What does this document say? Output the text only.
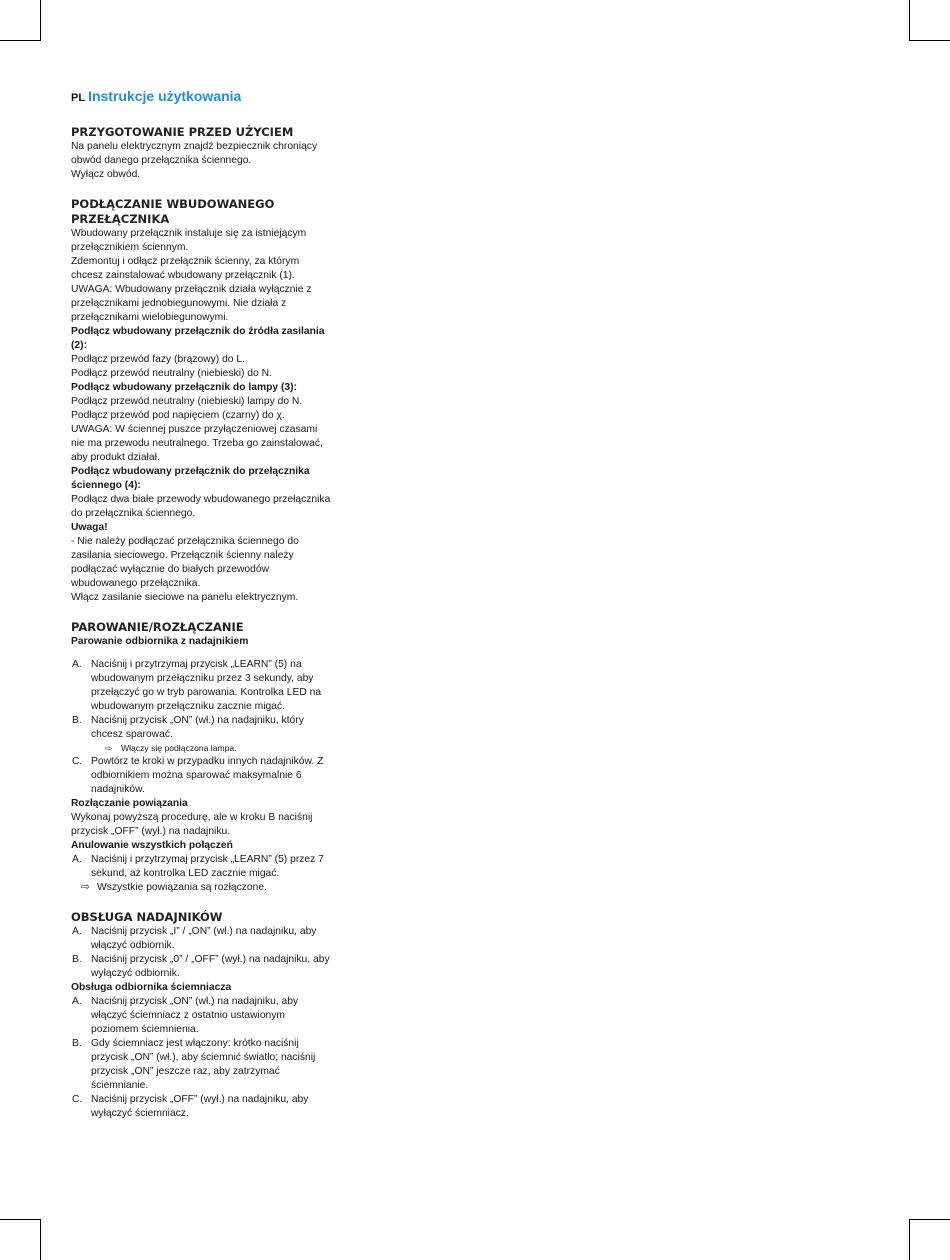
PL Instrukcje użytkowania
PRZYGOTOWANIE PRZED UŻYCIEM
Na panelu elektrycznym znajdź bezpiecznik chroniący
obwód danego przełącznika ściennego.
Wyłącz obwód.
PODŁĄCZANIE WBUDOWANEGO
PRZEŁĄCZNIKA
Wbudowany przełącznik instaluje się za istniejącym
przełącznikiem ściennym.
Zdemontuj i odłącz przełącznik ścienny, za którym
chcesz zainstalować wbudowany przełącznik (1).
UWAGA: Wbudowany przełącznik działa wyłącznie z
przełącznikami jednobiegunowymi. Nie działa z
przełącznikami wielobiegunowymi.
Podłącz wbudowany przełącznik do źródła zasilania
(2):
Podłącz przewód fazy (brązowy) do L.
Podłącz przewód neutralny (niebieski) do N.
Podłącz wbudowany przełącznik do lampy (3):
Podłącz przewód neutralny (niebieski) lampy do N.
Podłącz przewód pod napięciem (czarny) do χ.
UWAGA: W ściennej puszce przyłączeniowej czasami
nie ma przewodu neutralnego. Trzeba go zainstalować,
aby produkt działał.
Podłącz wbudowany przełącznik do przełącznika
ściennego (4):
Podłącz dwa białe przewody wbudowanego przełącznika
do przełącznika ściennego.
Uwaga!
- Nie należy podłączać przełącznika ściennego do
zasilania sieciowego. Przełącznik ścienny należy
podłączać wyłącznie do białych przewodów
wbudowanego przełącznika.
Włącz zasilanie sieciowe na panelu elektrycznym.
PAROWANIE/ROZŁĄCZANIE
Parowanie odbiornika z nadajnikiem
A. Naciśnij i przytrzymaj przycisk „LEARN” (5) na
wbudowanym przełączniku przez 3 sekundy, aby
przełączyć go w tryb parowania. Kontrolka LED na
wbudowanym przełączniku zacznie migać.
B. Naciśnij przycisk „ON” (wł.) na nadajniku, który
chcesz sparować.
⇨	Włączy się podłączona lampa.
C. Powtórz te kroki w przypadku innych nadajników. Z
odbiornikiem można sparować maksymalnie 6
nadajników.
Rozłączanie powiązania
Wykonaj powyższą procedurę, ale w kroku B naciśnij
przycisk „OFF” (wył.) na nadajniku.
Anulowanie wszystkich połączeń
A. Naciśnij i przytrzymaj przycisk „LEARN” (5) przez 7
sekund, aż kontrolka LED zacznie migać.
⇨ Wszystkie powiązania są rozłączone.
OBSŁUGA NADAJNIKÓW
A. Naciśnij przycisk „I” / „ON” (wł.) na nadajniku, aby
włączyć odbiornik.
B. Naciśnij przycisk „0” / „OFF” (wył.) na nadajniku, aby
wyłączyć odbiornik.
Obsługa odbiornika ściemniacza
A. Naciśnij przycisk „ON” (wł.) na nadajniku, aby
włączyć ściemniacz z ostatnio ustawionym
poziomem ściemnienia.
B. Gdy ściemniacz jest włączony: krótko naciśnij
przycisk „ON” (wł.), aby ściemnić światło; naciśnij
przycisk „ON” jeszcze raz, aby zatrzymać
ściemnianie.
C. Naciśnij przycisk „OFF” (wył.) na nadajniku, aby
wyłączyć ściemniacz.
